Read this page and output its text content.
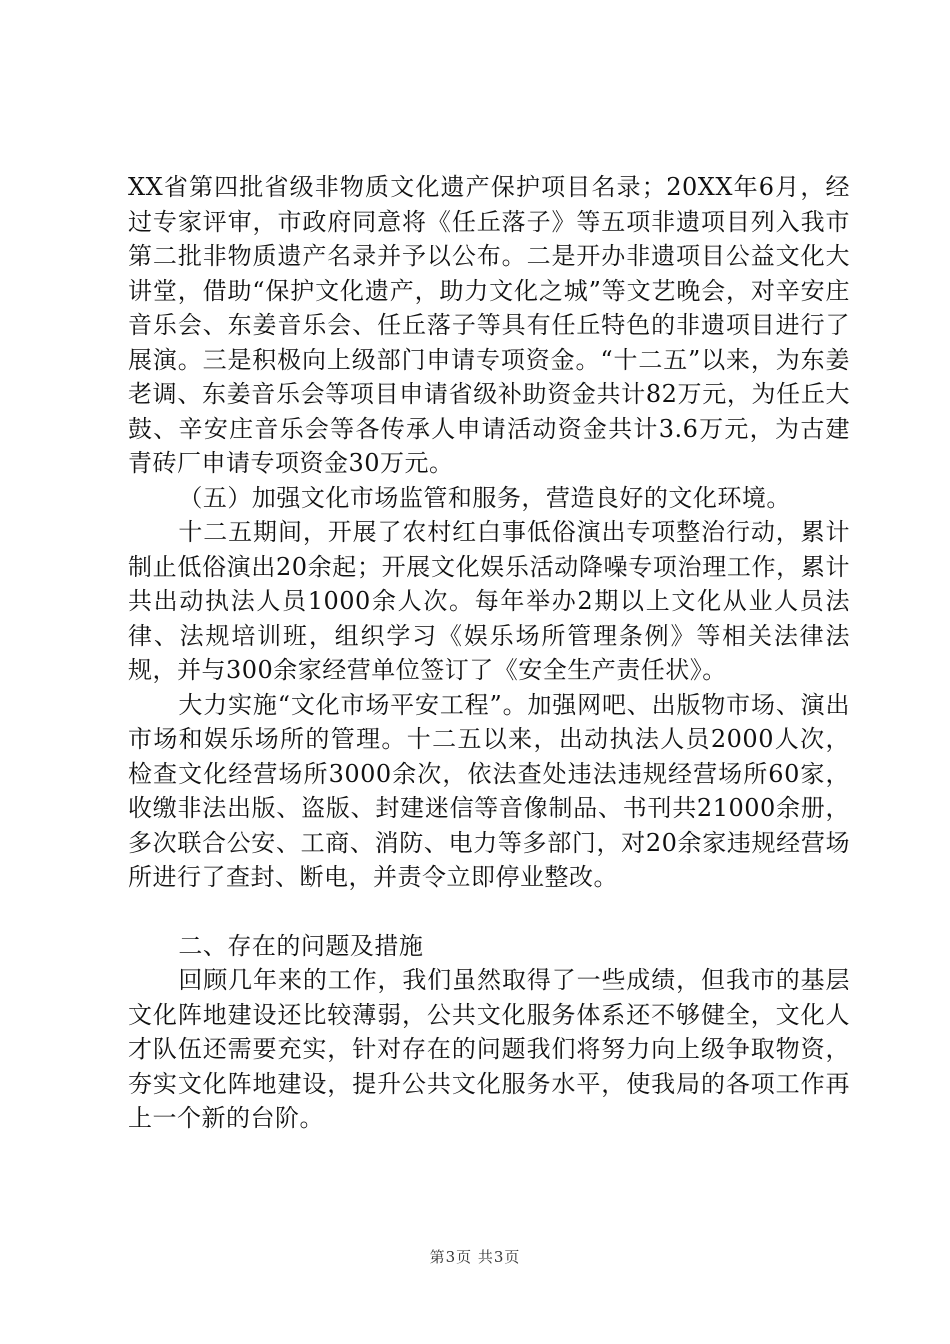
XX省第四批省级非物质文化遗产保护项目名录；20XX年6月，经过专家评审，市政府同意将《任丘落子》等五项非遗项目列入我市第二批非物质遗产名录并予以公布。二是开办非遗项目公益文化大讲堂，借助“保护文化遗产，助力文化之城”等文艺晚会，对辛安庄音乐会、东姜音乐会、任丘落子等具有任丘特色的非遗项目进行了展演。三是积极向上级部门申请专项资金。“十二五”以来，为东姜老调、东姜音乐会等项目申请省级补助资金共计82万元，为任丘大鼓、辛安庄音乐会等各传承人申请活动资金共计3.6万元，为古建青砖厂申请专项资金30万元。

（五）加强文化市场监管和服务，营造良好的文化环境。

十二五期间，开展了农村红白事低俗演出专项整治行动，累计制止低俗演出20余起；开展文化娱乐活动降噪专项治理工作，累计共出动执法人员1000余人次。每年举办2期以上文化从业人员法律、法规培训班，组织学习《娱乐场所管理条例》等相关法律法规，并与300余家经营单位签订了《安全生产责任状》。

大力实施“文化市场平安工程”。加强网吧、出版物市场、演出市场和娱乐场所的管理。十二五以来，出动执法人员2000人次，检查文化经营场所3000余次，依法查处违法违规经营场所60家，收缴非法出版、盗版、封建迷信等音像制品、书刊共21000余册，多次联合公安、工商、消防、电力等多部门，对20余家违规经营场所进行了查封、断电，并责令立即停业整改。

二、存在的问题及措施

回顾几年来的工作，我们虽然取得了一些成绩，但我市的基层文化阵地建设还比较薄弱，公共文化服务体系还不够健全，文化人才队伍还需要充实，针对存在的问题我们将努力向上级争取物资，夯实文化阵地建设，提升公共文化服务水平，使我局的各项工作再上一个新的台阶。

第3页 共3页
